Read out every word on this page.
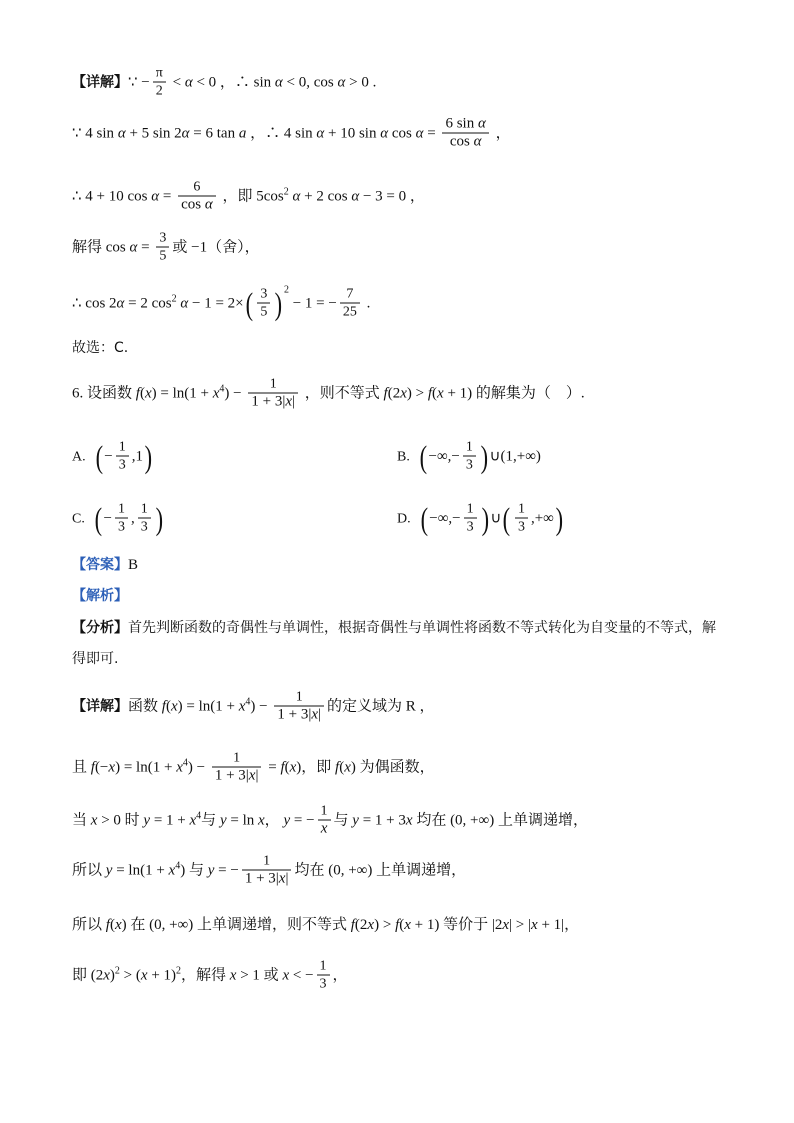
【详解】∵ − $\frac{\pi}{2} < \alpha < 0$ ，∴ sin α < 0, cos α > 0 .
∵ 4 sin α + 5 sin 2α = 6 tan a ，∴ 4 sin α + 10 sin α $\cos \alpha = \frac{\text{6 sin α}}{\text{cos α}}$ ，
∴ 4 + 10 $\cos \alpha = \frac{6}{\text{cos α}}$ ，即 $5\cos^2$ α + 2 cos α − 3 = 0 ，
解得 $\cos \alpha = \frac{3}{5}$ 或 −1（舍），
∴ cos 2α = 2 $\cos^2 \alpha - 1 = 2\times( \frac{3}{5}$ ) $^2$ − 1 = − $\frac{7}{25}$ .
故选：C.
6. 设函数 $f(x) = \ln(1 + x^4) - \frac{1}{1 + 3|x|}$ ，则不等式 f(2x) > f(x + 1) 的解集为（　）.
A. ( − $\frac{1}{3} ,1$)	B. ( −∞,− $\frac{1}{3}$ ) ∪(1,+∞)
C. ( − $\frac{1}{3}$ , $\frac{1}{3}$ )	D. ( −∞,− $\frac{1}{3}$ ) ∪( $\frac{1}{3}$ ,+∞)
【答案】B
【解析】
【分析】首先判断函数的奇偶性与单调性，根据奇偶性与单调性将函数不等式转化为自变量的不等式，解
得即可.
【详解】函数 $f(x) = \ln(1 + x^4) - \frac{1}{1 + 3|x|}$ 的定义域为 R ，
且 $f(-x) = \ln(1 + x^4) - \frac{1}{1 + 3|x|} = f(x)$，即 f(x) 为偶函数，
当 x > 0 时 $y = 1 + x^4$与 y = ln x， y = − $\frac{1}{x}$ 与 y = 1 + 3x 均在 (0, +∞) 上单调递增，
所以 $y = \ln(1 + x^4)$ 与 y = − $\frac{1}{1 + 3|x|}$ 均在 (0, +∞) 上单调递增，
所以 f(x) 在 (0, +∞) 上单调递增，则不等式 f(2x) > f(x + 1) 等价于 |2x| > |x + 1|，
即 $(2x)^2 > (x + 1)^2$，解得 x > 1 或 x < − $\frac{1}{3}$ ，
